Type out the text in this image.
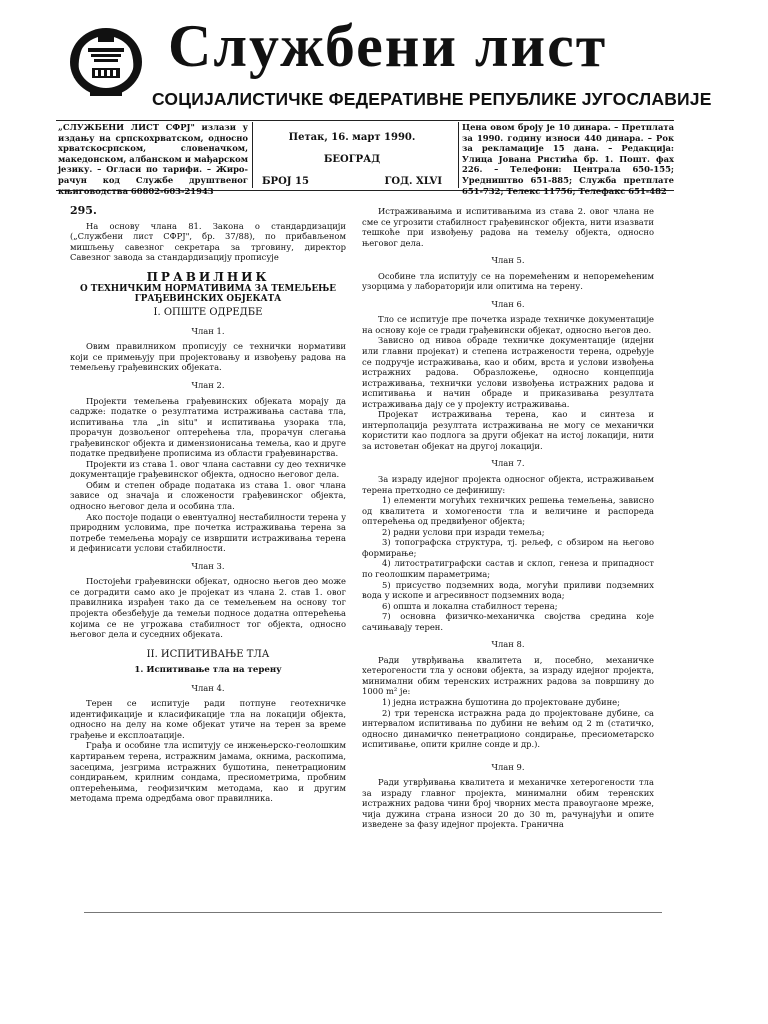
Службени лист
СОЦИЈАЛИСТИЧКЕ ФЕДЕРАТИВНЕ РЕПУБЛИКЕ ЈУГОСЛАВИЈЕ
„СЛУЖБЕНИ ЛИСТ СФРЈ" излази у издању на српскохрватском, односно хрватскосрпском, словеначком, македонском, албанском и мађарском језику. – Огласи по тарифи. – Жиро-рачун код Службе друштвеног књиговодства 60802-603-21943
Петак, 16. март 1990.
БЕОГРАД
БРОЈ 15	ГОД. XLVI
Цена овом броју је 10 динара. – Претплата за 1990. годину износи 440 динара. – Рок за рекламације 15 дана. – Редакција: Улица Јована Ристића бр. 1. Пошт. фах 226. – Телефони: Централа 650-155; Уредништво 651-885; Служба претплате 651-732; Телекс 11756; Телефакс 651-482

295.

На основу члана 81. Закона о стандардизацији („Службени лист СФРЈ", бр. 37/88), по прибављеном мишљењу савезног секретара за трговину, директор Савезног завода за стандардизацију прописује

ПРАВИЛНИК

О ТЕХНИЧКИМ НОРМАТИВИМА ЗА ТЕМЕЉЕЊЕ ГРАЂЕВИНСКИХ ОБЈЕКАТА

I. ОПШТЕ ОДРЕДБЕ

Члан 1.

Овим правилником прописују се технички нормативи који се примењују при пројектовању и извођењу радова на темељењу грађевинских објеката.

Члан 2.

Пројекти темељења грађевинских објеката морају да садрже: податке о резултатима истраживања састава тла, испитивања тла „in situ" и испитивања узорака тла, прорачун дозвољеног оптерећења тла, прорачун слегања грађевинског објекта и димензионисања темеља, као и друге податке предвиђене прописима из области грађевинарства.

Пројекти из става 1. овог члана саставни су део техничке документације грађевинског објекта, односно његовог дела.

Обим и степен обраде података из става 1. овог члана зависе од значаја и сложености грађевинског објекта, односно његовог дела и особина тла.

Ако постоје подаци о евентуалној нестабилности терена у природним условима, пре почетка истраживања терена за потребе темељења морају се извршити истраживања терена и дефинисати услови стабилности.

Члан 3.

Постојећи грађевински објекат, односно његов део може се доградити само ако је пројекат из члана 2. став 1. овог правилника израђен тако да се темељењем на основу тог пројекта обезбеђује да темељи подносе додатна оптерећења којима се не угрожава стабилност тог објекта, односно његовог дела и суседних објеката.

II. ИСПИТИВАЊЕ ТЛА

1. Испитивање тла на терену

Члан 4.

Терен се испитује ради потпуне геотехничке идентификације и класификације тла на локацији објекта, односно на делу на коме објекат утиче на терен за време грађење и експлоатације.

Грађа и особине тла испитују се инжењерско-геолошким картирањем терена, истражним јамама, окнима, раскопима, засецима, језгрима истражних бушотина, пенетрационим сондирањем, крилним сондама, пресиометрима, пробним оптерећењима, геофизичким методама, као и другим методама према одредбама овог правилника.

Истраживањима и испитивањима из става 2. овог члана не сме се угрозити стабилност грађевинског објекта, нити изазвати тешкоће при извођењу радова на темељу објекта, односно његовог дела.

Члан 5.

Особине тла испитују се на поремећеним и непоремећеним узорцима у лабораторији или опитима на терену.

Члан 6.

Тло се испитује пре почетка израде техничке документације на основу које се гради грађевински објекат, односно његов део.

Зависно од нивоа обраде техничке документације (идејни или главни пројекат) и степена истражености терена, одређује се подручје истраживања, као и обим, врста и услови извођења истражних радова. Образложење, односно концепција истраживања, технички услови извођења истражних радова и испитивања и начин обраде и приказивања резултата истраживања дају се у пројекту истраживања.

Пројекат истраживања терена, као и синтеза и интерполација резултата истраживања не могу се механички користити као подлога за други објекат на истој локацији, нити за истоветан објекат на другој локацији.

Члан 7.

За израду идејног пројекта односног објекта, истраживањем терена претходно се дефинишу:

1) елементи могућих техничких решења темељења, зависно од квалитета и хомогености тла и величине и распореда оптерећења од предвиђеног објекта;

2) радни услови при изради темеља;

3) топографска структура, тј. рељеф, с обзиром на његово формирање;

4) литостратиграфски састав и склоп, генеза и припадност по геолошким параметрима;

5) присуство подземних вода, могући приливи подземних вода у ископе и агресивност подземних вода;

6) општа и локална стабилност терена;

7) основна физичко-механичка својства средина које сачињавају терен.

Члан 8.

Ради утврђивања квалитета и, посебно, механичке хетерогености тла у основи објекта, за израду идејног пројекта, минимални обим теренских истражних радова за површину до 1000 m² је:

1) једна истражна бушотина до пројектоване дубине;

2) три теренска истражна рада до пројектоване дубине, са интервалом испитивања по дубини не већим од 2 m (статичко, односно динамичко пенетрационо сондирање, пресиометарско испитивање, опити крилне сонде и др.).

Члан 9.

Ради утврђивања квалитета и механичке хетерогености тла за израду главног пројекта, минимални обим теренских истражних радова чини број чворних места правоугаоне мреже, чија дужина страна износи 20 до 30 m, рачунајући и опите изведене за фазу идејног пројекта. Гранична
